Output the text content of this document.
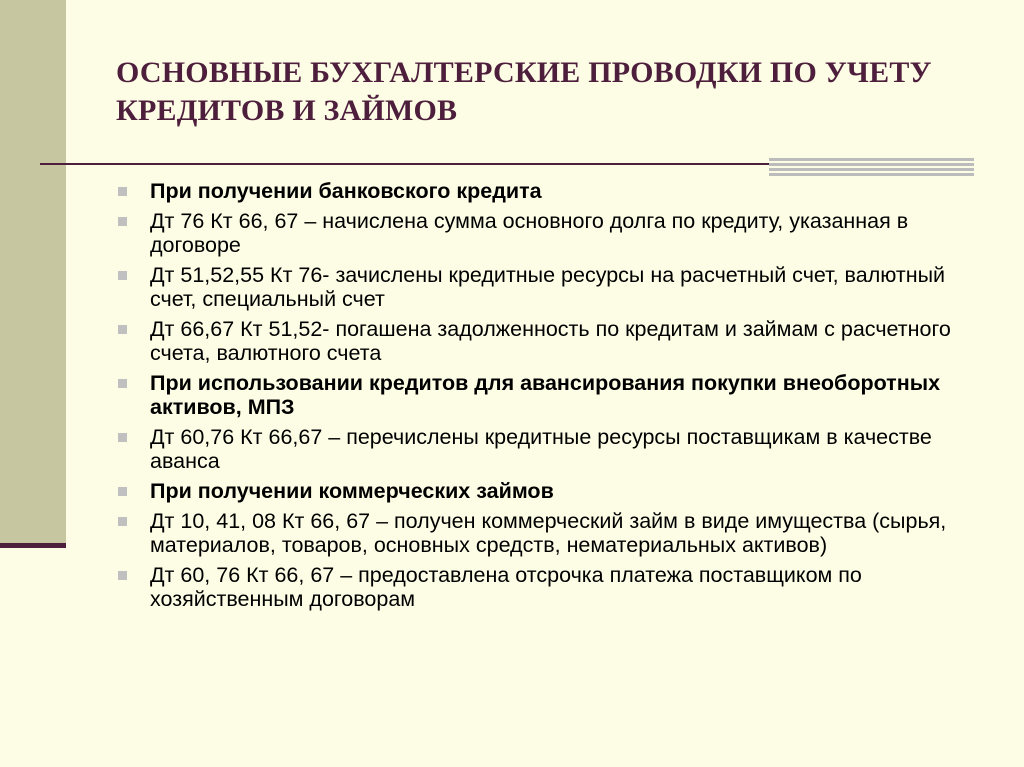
ОСНОВНЫЕ БУХГАЛТЕРСКИЕ ПРОВОДКИ ПО УЧЕТУ КРЕДИТОВ И ЗАЙМОВ
При получении банковского кредита
Дт 76 Кт 66, 67 – начислена сумма основного долга по кредиту, указанная в договоре
Дт 51,52,55 Кт 76- зачислены кредитные ресурсы на расчетный счет, валютный счет, специальный счет
Дт 66,67 Кт 51,52- погашена задолженность по кредитам и займам с расчетного счета, валютного счета
При использовании кредитов для авансирования покупки внеоборотных активов, МПЗ
Дт 60,76 Кт 66,67 – перечислены кредитные ресурсы поставщикам в качестве аванса
При получении коммерческих займов
Дт 10, 41, 08 Кт 66, 67 – получен коммерческий займ в виде имущества (сырья, материалов, товаров, основных средств, нематериальных активов)
Дт 60, 76 Кт 66, 67 – предоставлена отсрочка платежа поставщиком по хозяйственным договорам
